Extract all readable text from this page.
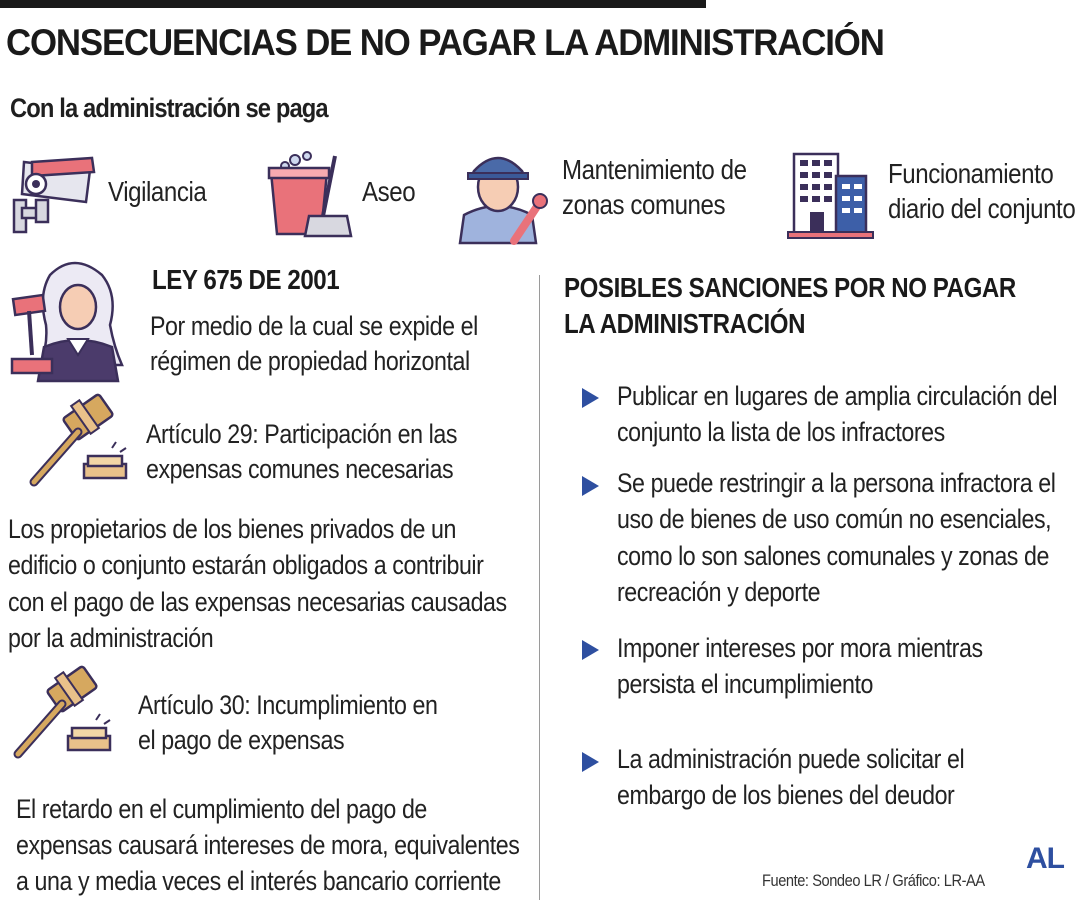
CONSECUENCIAS DE NO PAGAR LA ADMINISTRACIÓN
Con la administración se paga
Vigilancia	Aseo
Mantenimiento de
zonas comunes
Funcionamiento
diario del conjunto
LEY 675 DE 2001
Por medio de la cual se expide el
régimen de propiedad horizontal
Artículo 29: Participación en las
expensas comunes necesarias
Los propietarios de los bienes privados de un
edificio o conjunto estarán obligados a contribuir
con el pago de las expensas necesarias causadas
por la administración
Artículo 30: Incumplimiento en
el pago de expensas
El retardo en el cumplimiento del pago de
expensas causará intereses de mora, equivalentes
a una y media veces el interés bancario corriente
POSIBLES SANCIONES POR NO PAGAR
LA ADMINISTRACIÓN
Publicar en lugares de amplia circulación del
conjunto la lista de los infractores
Se puede restringir a la persona infractora el
uso de bienes de uso común no esenciales,
como lo son salones comunales y zonas de
recreación y deporte
Imponer intereses por mora mientras
persista el incumplimiento
La administración puede solicitar el
embargo de los bienes del deudor
Fuente: Sondeo LR / Gráfico: LR-AA
AL
